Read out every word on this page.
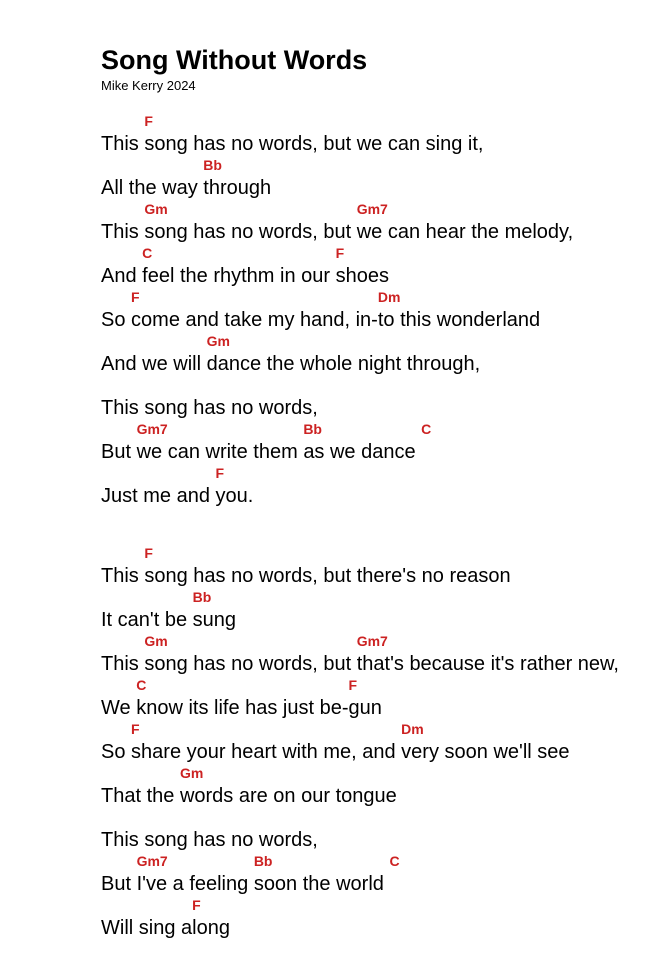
Song Without Words
Mike Kerry 2024
This
F
song has no words, but we can sing it,
All the way
Bb
through
This
Gm
song has no words, but
Gm7
we can hear the melody,
And
C
feel the rhythm in our
F
shoes
So
F
come and take my hand, in-
Dm
to this wonderland
And we will
Gm
dance the whole night through,
This song has no words,
But
Gm7
we can write them
Bb
as we dance
C
Just me and
F
you.
This
F
song has no words, but there's no reason
It can't be
Bb
sung
This
Gm
song has no words, but
Gm7
that's because it's rather new,
We
C
know its life has just be-
F
gun
So
F
share your heart with me, and
Dm
very soon we'll see
That the
Gm
words are on our tongue
This song has no words,
But
Gm7
I've a feeling
Bb
soon the world
C
Will sing a
F
long
